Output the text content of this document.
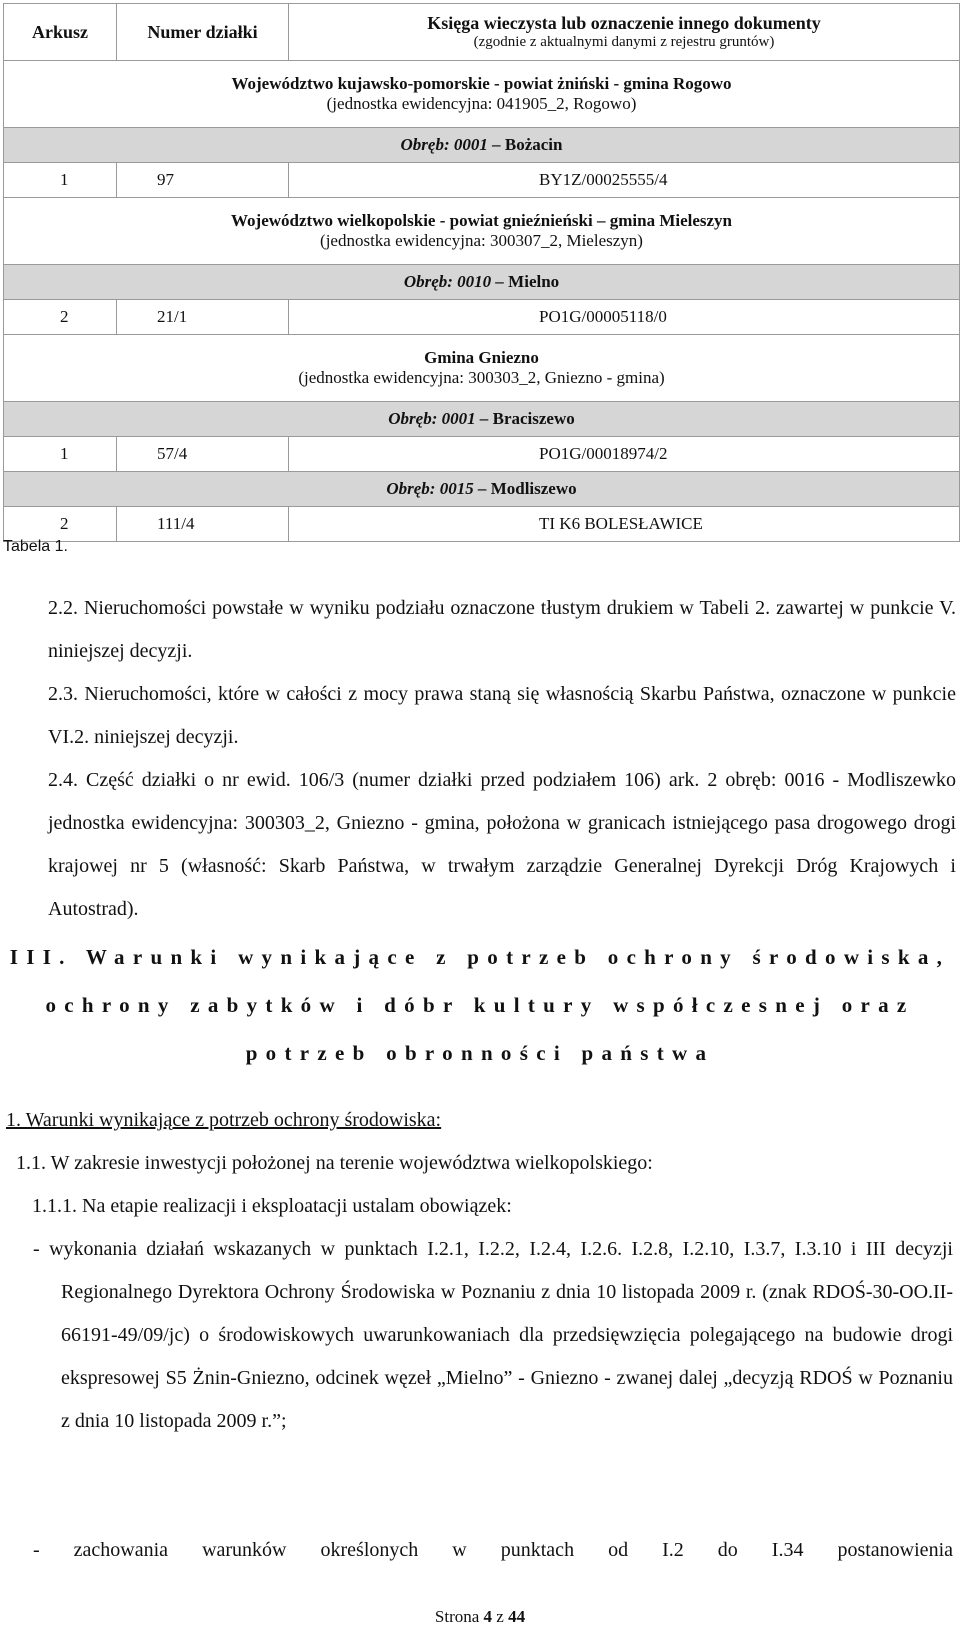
Arkusz	Numer działki	Księga wieczysta lub oznaczenie innego dokumenty
(zgodnie z aktualnymi danymi z rejestru gruntów)

Województwo kujawsko-pomorskie - powiat żniński - gmina Rogowo
(jednostka ewidencyjna: 041905_2, Rogowo)		

Obręb: 0001 – Bożacin		
1	97	BY1Z/00025555/4

Województwo wielkopolskie - powiat gnieźnieński – gmina Mieleszyn
(jednostka ewidencyjna: 300307_2, Mieleszyn)		

Obręb: 0010 – Mielno		
2	21/1	PO1G/00005118/0

Gmina Gniezno
(jednostka ewidencyjna: 300303_2, Gniezno - gmina)		

Obręb: 0001 – Braciszewo		
1	57/4	PO1G/00018974/2
Obręb: 0015 – Modliszewo		
2	111/4	TI K6 BOLESŁAWICE
Tabela 1.
2.2. Nieruchomości powstałe w wyniku podziału oznaczone tłustym drukiem w Tabeli 2. zawartej w punkcie V. niniejszej decyzji.
2.3. Nieruchomości, które w całości z mocy prawa staną się własnością Skarbu Państwa, oznaczone w punkcie VI.2. niniejszej decyzji.
2.4. Część działki o nr ewid. 106/3 (numer działki przed podziałem 106) ark. 2 obręb: 0016 - Modliszewko jednostka ewidencyjna: 300303_2, Gniezno - gmina, położona w granicach istniejącego pasa drogowego drogi krajowej nr 5 (własność: Skarb Państwa, w trwałym zarządzie Generalnej Dyrekcji Dróg Krajowych i Autostrad).
III. Warunki wynikające z potrzeb ochrony środowiska,
ochrony zabytków i dóbr kultury współczesnej oraz
potrzeb obronności państwa
1. Warunki wynikające z potrzeb ochrony środowiska:
1.1. W zakresie inwestycji położonej na terenie województwa wielkopolskiego:
1.1.1. Na etapie realizacji i eksploatacji ustalam obowiązek:
- wykonania działań wskazanych w punktach I.2.1, I.2.2, I.2.4, I.2.6. I.2.8, I.2.10, I.3.7, I.3.10 i III decyzji Regionalnego Dyrektora Ochrony Środowiska w Poznaniu z dnia 10 listopada 2009 r. (znak RDOŚ-30-OO.II-66191-49/09/jc) o środowiskowych uwarunkowaniach dla przedsięwzięcia polegającego na budowie drogi ekspresowej S5 Żnin-Gniezno, odcinek węzeł „Mielno” - Gniezno - zwanej dalej „decyzją RDOŚ w Poznaniu z dnia 10 listopada 2009 r.”;
- zachowania warunków określonych w punktach od I.2 do I.34 postanowienia
Strona 4 z 44
